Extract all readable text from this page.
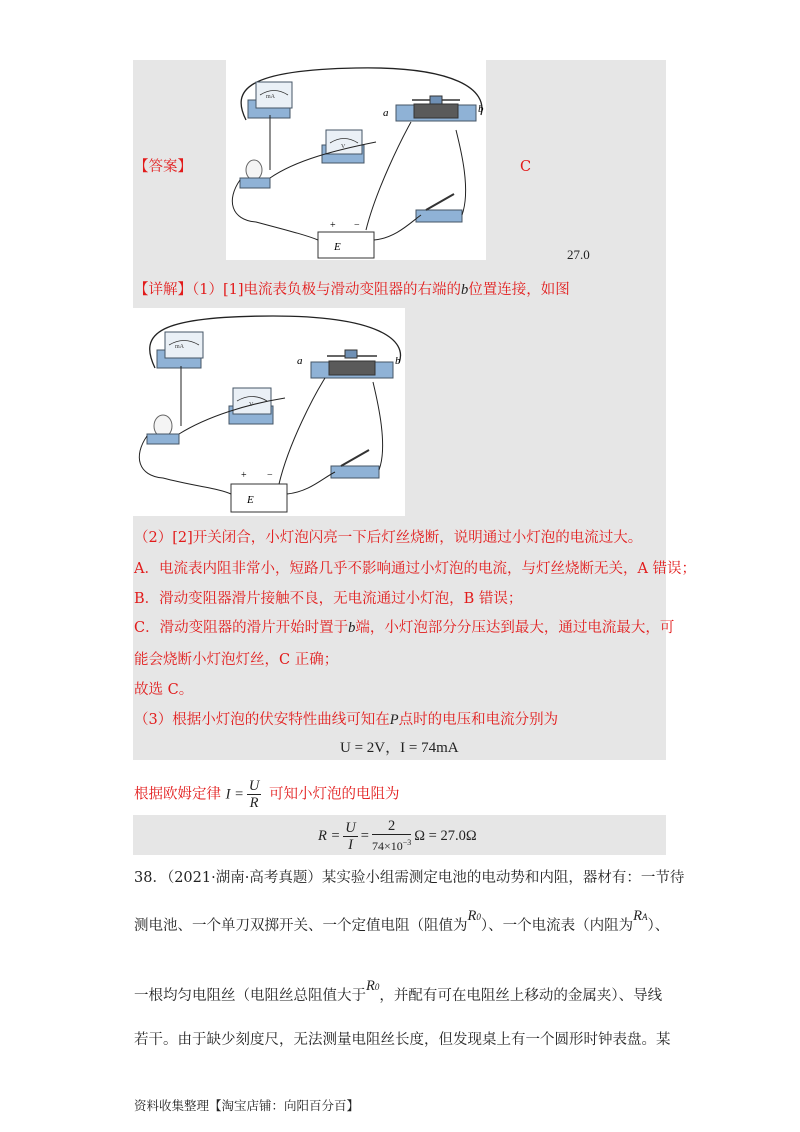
【答案】
mA
V
a	b
E
+ −
C
27.0
【详解】（1）[1]电流表负极与滑动变阻器的右端的b位置连接，如图
mA
V
a	b
E
+ −
（2）[2]开关闭合，小灯泡闪亮一下后灯丝烧断，说明通过小灯泡的电流过大。
A．电流表内阻非常小，短路几乎不影响通过小灯泡的电流，与灯丝烧断无关，A 错误；
B．滑动变阻器滑片接触不良，无电流通过小灯泡，B 错误；
C．滑动变阻器的滑片开始时置于b端，小灯泡部分分压达到最大，通过电流最大，可
能会烧断小灯泡灯丝，C 正确；
故选 C。
（3）根据小灯泡的伏安特性曲线可知在P点时的电压和电流分别为
U = 2V，I = 74mA
根据欧姆定律 $I = \frac{U}{R}$ 可知小灯泡的电阻为
$R = \frac{U}{I} = \frac{2}{74\times 10^{-3}}$ Ω = 27.0Ω
38．（2021·湖南·高考真题）某实验小组需测定电池的电动势和内阻，器材有：一节待
测电池、一个单刀双掷开关、一个定值电阻（阻值为R0）、一个电流表（内阻为RA）、
一根均匀电阻丝（电阻丝总阻值大于R0，并配有可在电阻丝上移动的金属夹）、导线
若干。由于缺少刻度尺，无法测量电阻丝长度，但发现桌上有一个圆形时钟表盘。某
资料收集整理【淘宝店铺：向阳百分百】
